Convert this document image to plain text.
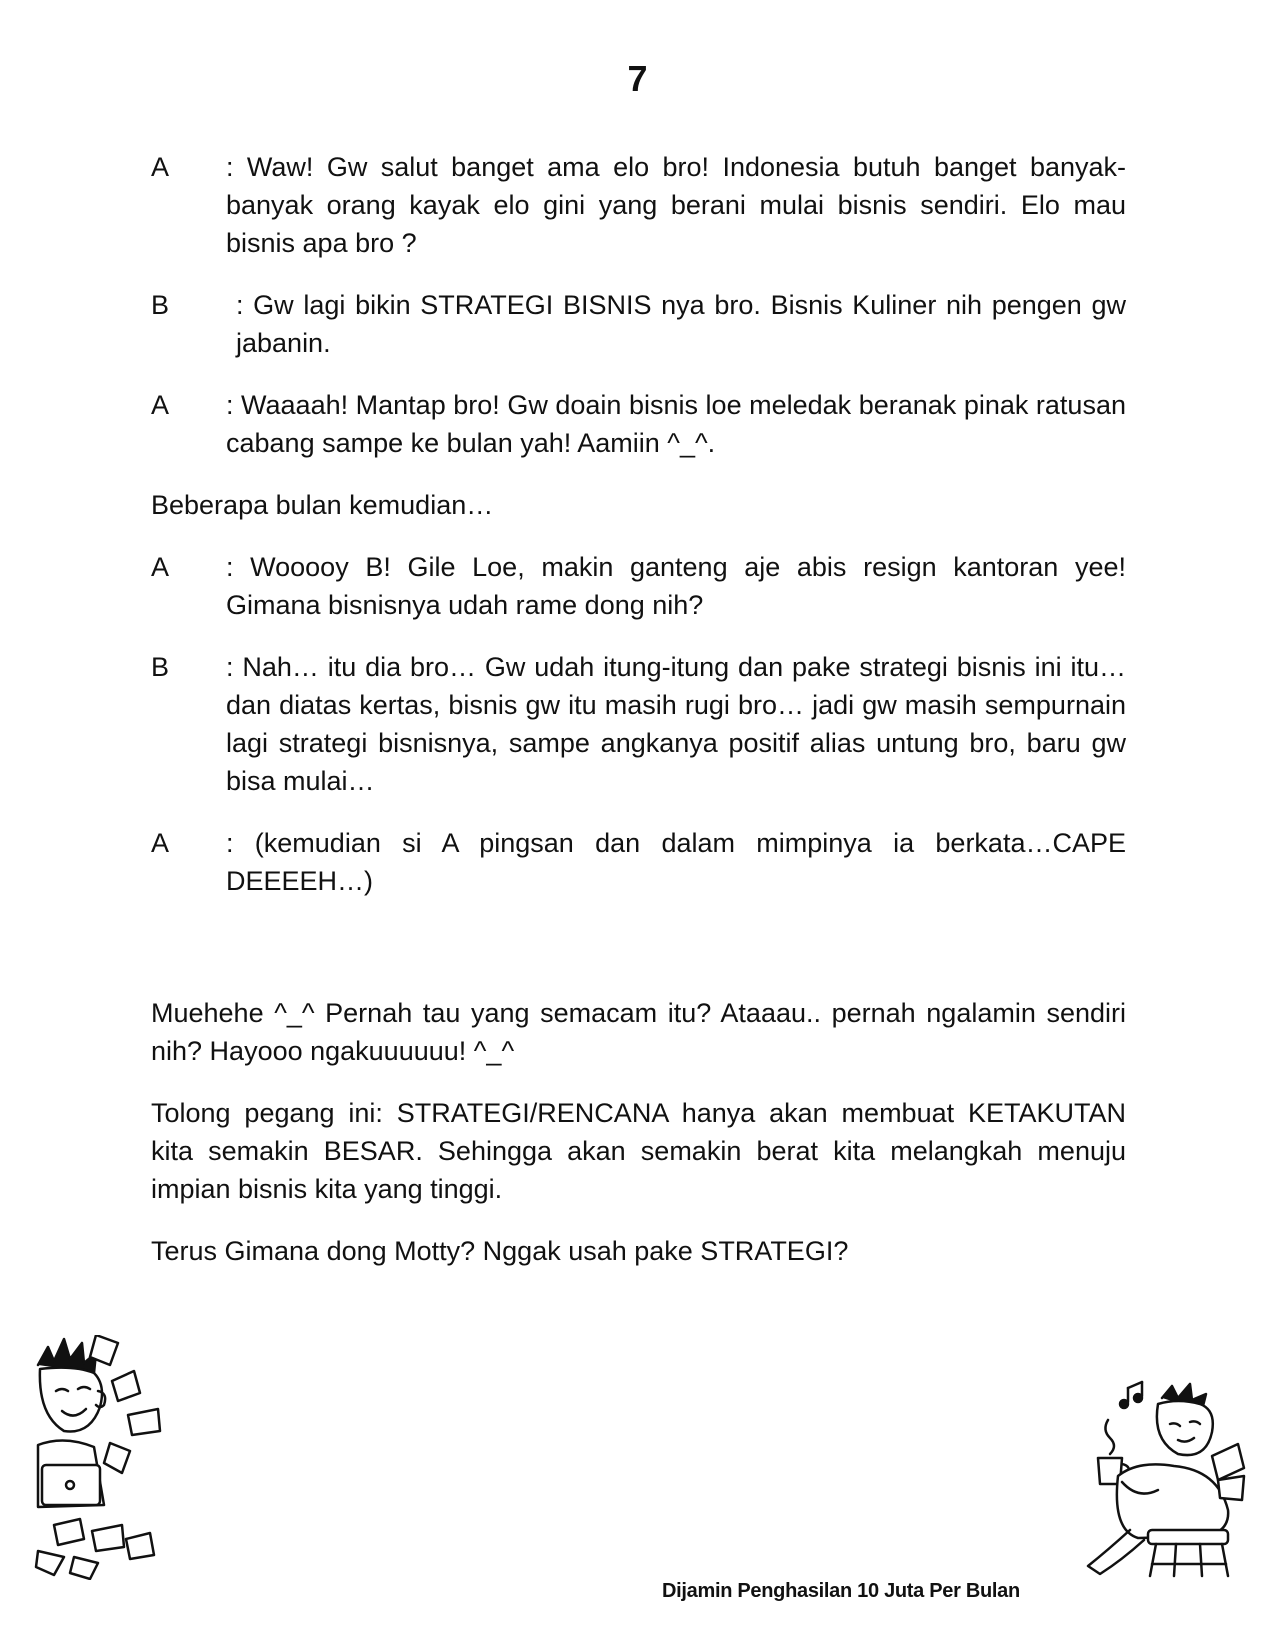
7
A	: Waw! Gw salut banget ama elo bro! Indonesia butuh banget banyak-banyak orang kayak elo gini yang berani mulai bisnis sendiri. Elo mau bisnis apa bro ?
B	: Gw lagi bikin STRATEGI BISNIS nya bro. Bisnis Kuliner nih pengen gw jabanin.
A	: Waaaah! Mantap bro! Gw doain bisnis loe meledak beranak pinak ratusan cabang sampe ke bulan yah! Aamiin ^_^.
Beberapa bulan kemudian…
A	: Wooooy B! Gile Loe, makin ganteng aje abis resign kantoran yee! Gimana bisnisnya udah rame dong nih?
B	: Nah… itu dia bro… Gw udah itung-itung dan pake strategi bisnis ini itu… dan diatas kertas, bisnis gw itu masih rugi bro… jadi gw masih sempurnain lagi strategi bisnisnya, sampe angkanya positif alias untung bro, baru gw bisa mulai…
A	: (kemudian si A pingsan dan dalam mimpinya ia berkata…CAPE DEEEEH…)
Muehehe ^_^ Pernah tau yang semacam itu? Ataaau.. pernah ngalamin sendiri nih? Hayooo ngakuuuuuu! ^_^
Tolong pegang ini: STRATEGI/RENCANA hanya akan membuat KETAKUTAN kita semakin BESAR. Sehingga akan semakin berat kita melangkah menuju impian bisnis kita yang tinggi.
Terus Gimana dong Motty? Nggak usah pake STRATEGI?
Dijamin Penghasilan 10 Juta Per Bulan
